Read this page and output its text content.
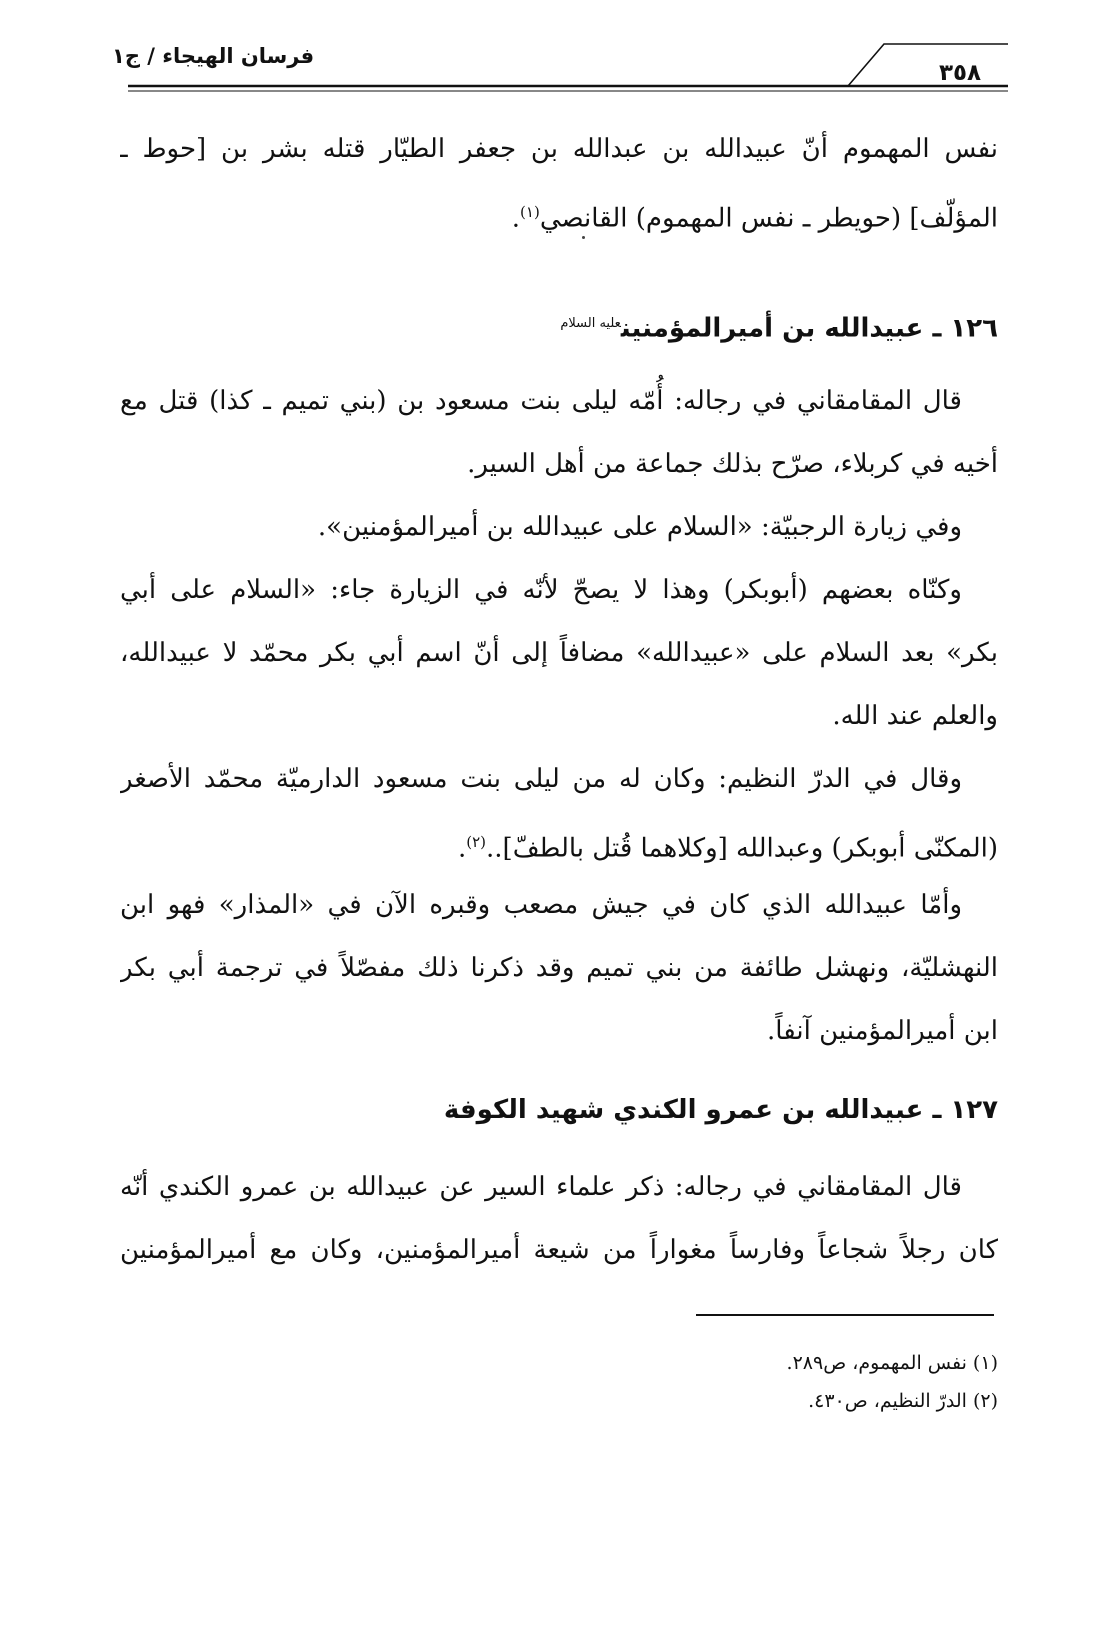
فرسان الهيجاء / ج١
٣٥٨
نفس المهموم أنّ عبيدالله بن عبدالله بن جعفر الطيّار قتله بشر بن [حوط ـ
المؤلّف] (حويطر ـ نفس المهموم) القانصي$^{(١)}$.
١٢٦ ـ عبيدالله بن أميرالمؤمنين$^{عليه السلام}$
قال المقامقاني في رجاله: أُمّه ليلى بنت مسعود بن (بني تميم ـ كذا) قتل مع
أخيه في كربلاء، صرّح بذلك جماعة من أهل السير.
وفي زيارة الرجبيّة: «السلام على عبيدالله بن أميرالمؤمنين».
وكنّاه بعضهم (أبوبكر) وهذا لا يصحّ لأنّه في الزيارة جاء: «السلام على أبي
بكر» بعد السلام على «عبيدالله» مضافاً إلى أنّ اسم أبي بكر محمّد لا عبيدالله،
والعلم عند الله.
وقال في الدرّ النظيم: وكان له من ليلى بنت مسعود الدارميّة محمّد الأصغر
(المكنّى أبوبكر) وعبدالله [وكلاهما قُتل بالطفّ]..$^{(٢)}$.
وأمّا عبيدالله الذي كان في جيش مصعب وقبره الآن في «المذار» فهو ابن
النهشليّة، ونهشل طائفة من بني تميم وقد ذكرنا ذلك مفصّلاً في ترجمة أبي بكر
ابن أميرالمؤمنين آنفاً.
١٢٧ ـ عبيدالله بن عمرو الكندي شهيد الكوفة
قال المقامقاني في رجاله: ذكر علماء السير عن عبيدالله بن عمرو الكندي أنّه
كان رجلاً شجاعاً وفارساً مغواراً من شيعة أميرالمؤمنين، وكان مع أميرالمؤمنين
(١) نفس المهموم، ص٢٨٩.
(٢) الدرّ النظيم، ص٤٣٠.
